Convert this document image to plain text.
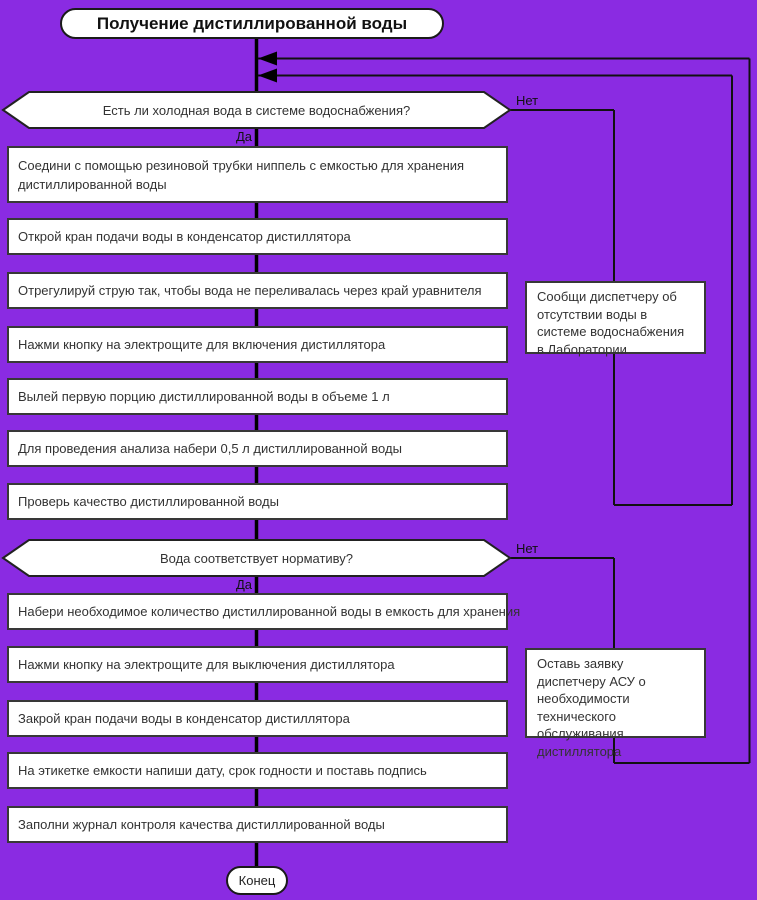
Получение дистиллированной воды
Есть ли холодная вода в системе водоснабжения?
Вода соответствует нормативу?
Нет
Да
Нет
Да
Соедини с помощью резиновой трубки ниппель с емкостью для хранения дистиллированной воды
Открой кран подачи воды в конденсатор дистиллятора
Отрегулируй струю так, чтобы вода не переливалась через край уравнителя
Нажми кнопку на электрощите для включения дистиллятора
Вылей первую порцию дистиллированной воды в объеме 1 л
Для проведения анализа набери 0,5 л дистиллированной воды
Проверь качество дистиллированной воды
Набери необходимое количество дистиллированной воды в емкость для хранения
Нажми кнопку на электрощите для выключения дистиллятора
Закрой кран подачи воды в конденсатор дистиллятора
На этикетке емкости напиши дату, срок годности и поставь подпись
Заполни журнал контроля качества дистиллированной воды
Сообщи диспетчеру об отсутствии воды в системе водоснабжения в Лаборатории
Оставь заявку диспетчеру АСУ о необходимости технического обслуживания дистиллятора
Конец
